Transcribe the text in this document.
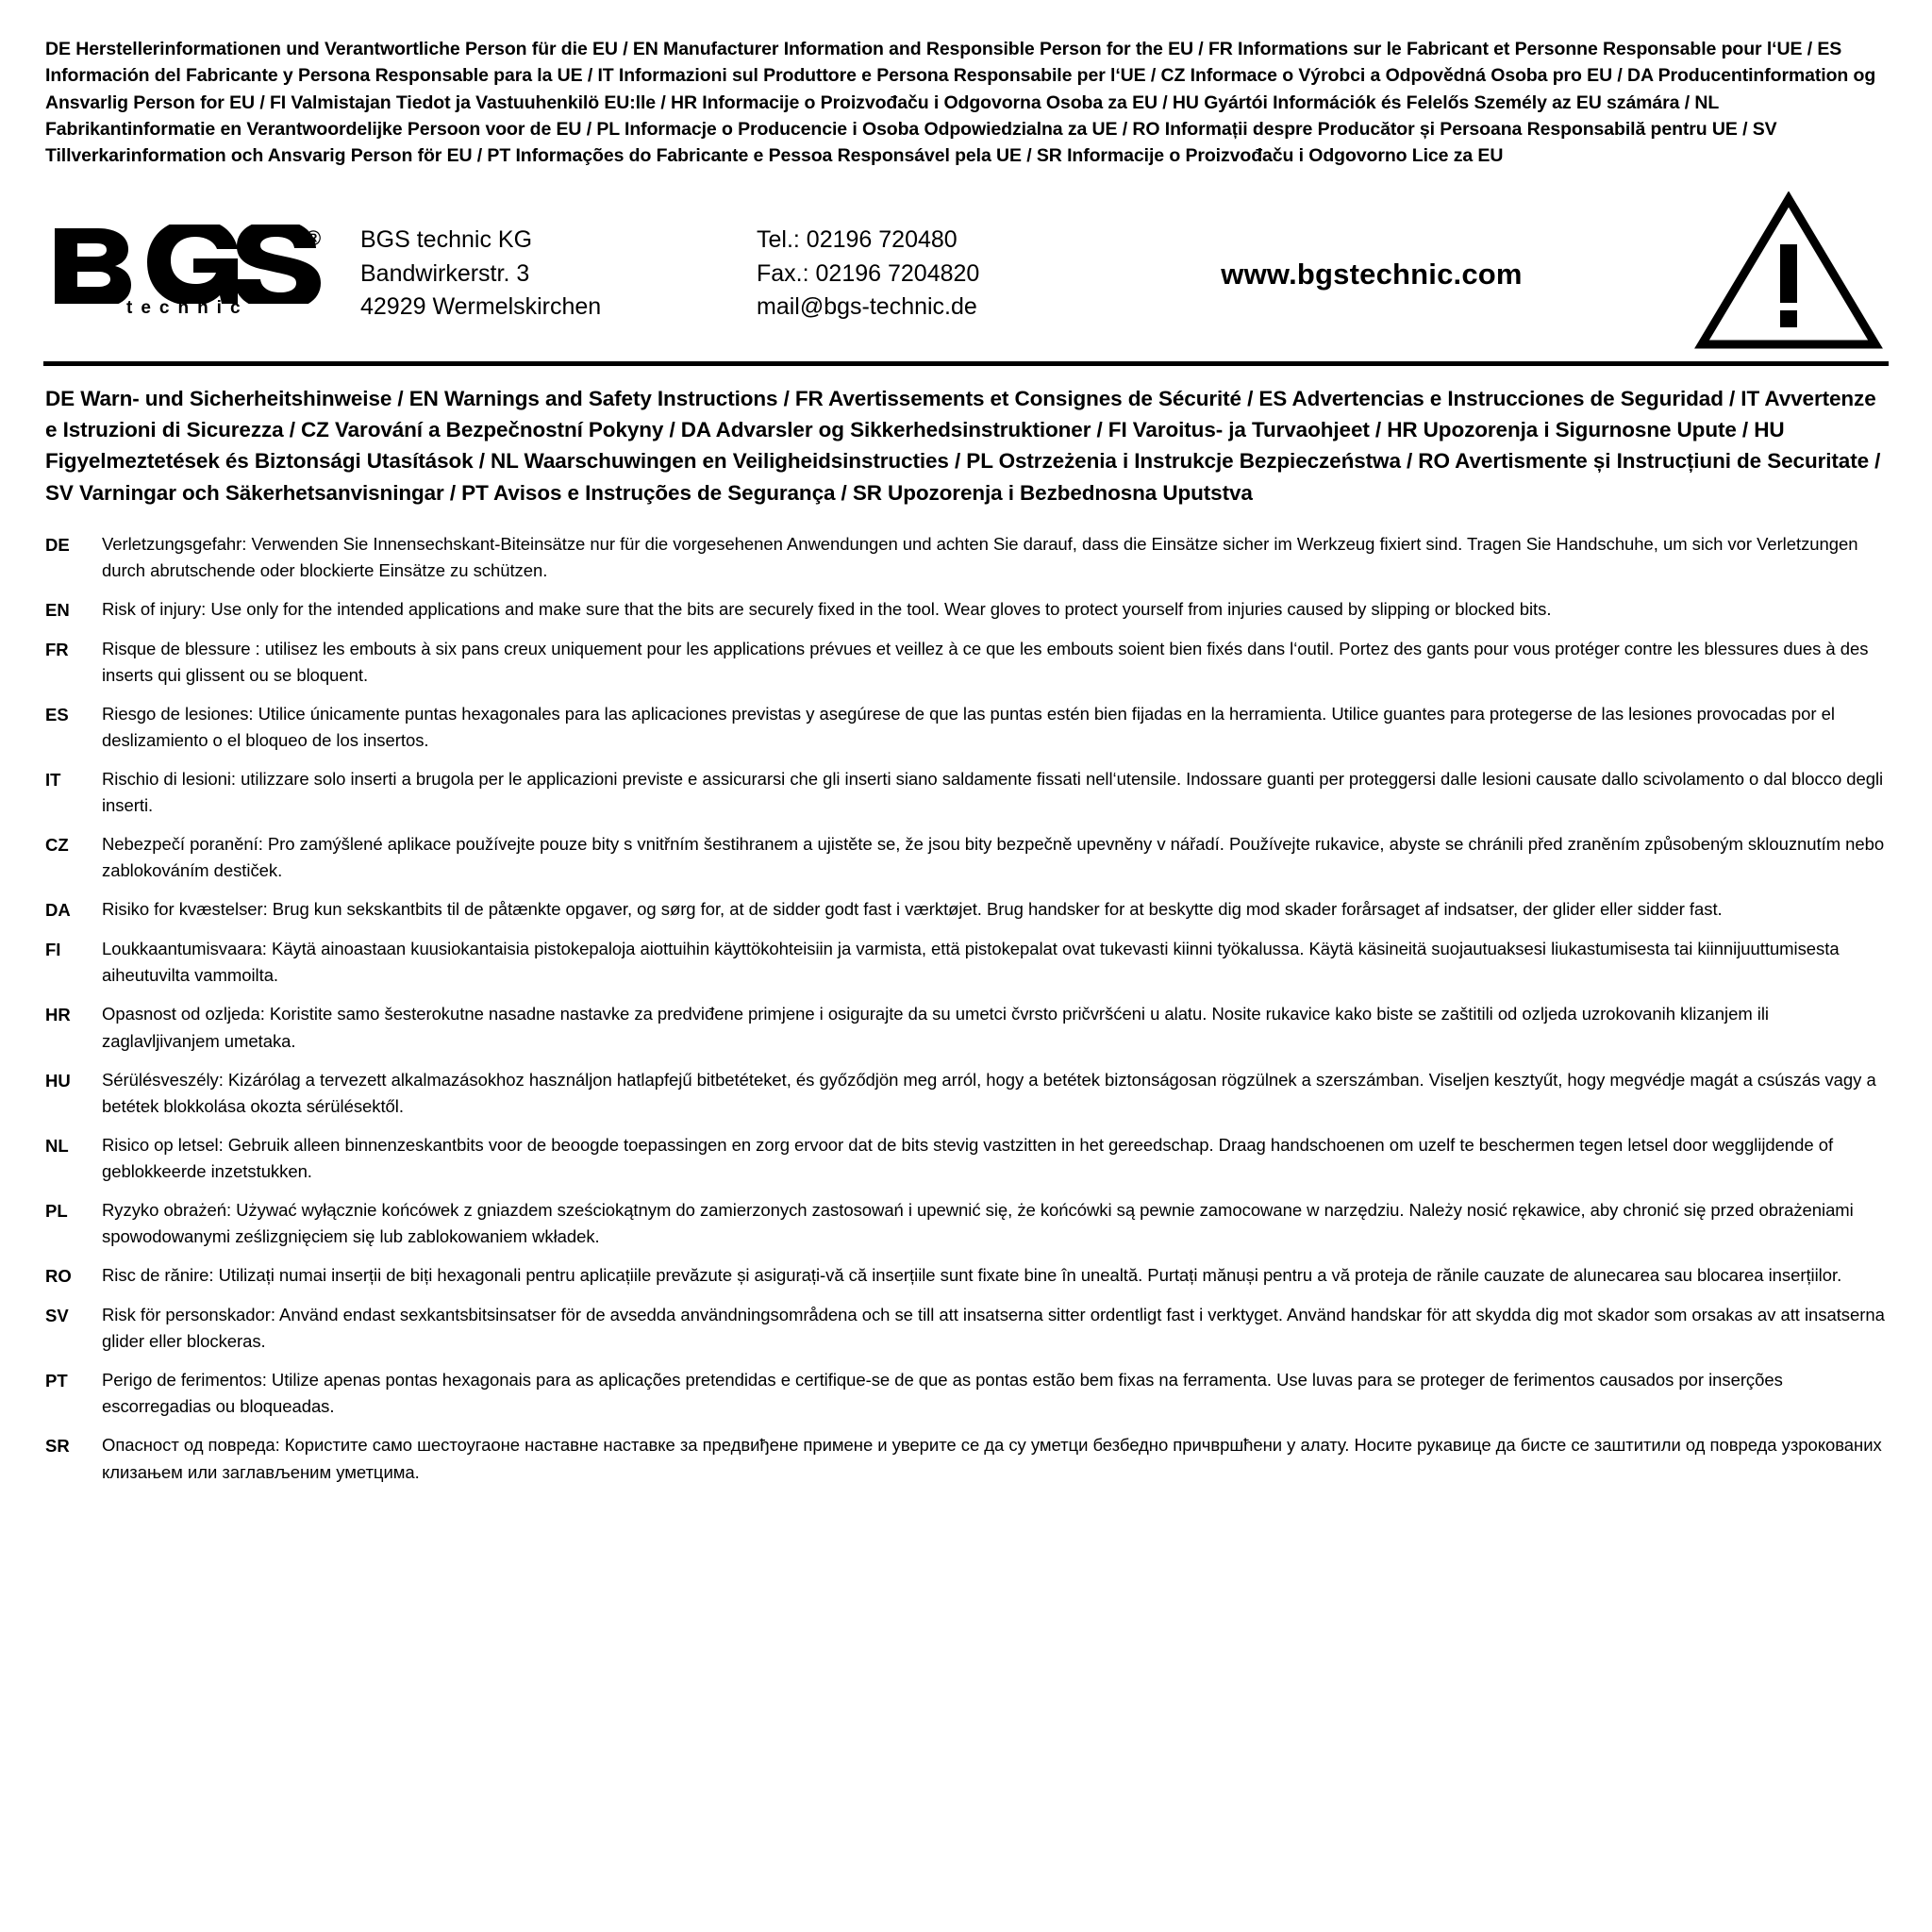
DE Herstellerinformationen und Verantwortliche Person für die EU / EN Manufacturer Information and Responsible Person for the EU / FR Informations sur le Fabricant et Personne Responsable pour l‘UE / ES Información del Fabricante y Persona Responsable para la UE / IT Informazioni sul Produttore e Persona Responsabile per l‘UE / CZ Informace o Výrobci a Odpovědná Osoba pro EU / DA Producentinformation og Ansvarlig Person for EU / FI Valmistajan Tiedot ja Vastuuhenkilö EU:lle / HR Informacije o Proizvođaču i Odgovorna Osoba za EU / HU Gyártói Információk és Felelős Személy az EU számára / NL Fabrikantinformatie en Verantwoordelijke Persoon voor de EU / PL Informacje o Producencie i Osoba Odpowiedzialna za UE / RO Informații despre Producător și Persoana Responsabilă pentru UE / SV Tillverkarinformation och Ansvarig Person för EU / PT Informações do Fabricante e Pessoa Responsável pela UE / SR Informacije o Proizvođaču i Odgovorno Lice za EU
®
technic
BGS technic KG
Bandwirkerstr. 3
42929 Wermelskirchen
Tel.: 02196 720480
Fax.: 02196 7204820
mail@bgs-technic.de
www.bgstechnic.com
DE Warn- und Sicherheitshinweise / EN Warnings and Safety Instructions / FR Avertissements et Consignes de Sécurité / ES Advertencias e Instrucciones de Seguridad / IT Avvertenze e Istruzioni di Sicurezza / CZ Varování a Bezpečnostní Pokyny / DA Advarsler og Sikkerhedsinstruktioner / FI Varoitus- ja Turvaohjeet / HR Upozorenja i Sigurnosne Upute / HU Figyelmeztetések és Biztonsági Utasítások / NL Waarschuwingen en Veiligheidsinstructies / PL Ostrzeżenia i Instrukcje Bezpieczeństwa / RO Avertismente și Instrucțiuni de Securitate / SV Varningar och Säkerhetsanvisningar / PT Avisos e Instruções de Segurança / SR Upozorenja i Bezbednosna Uputstva
DE	Verletzungsgefahr: Verwenden Sie Innensechskant-Biteinsätze nur für die vorgesehenen Anwendungen und achten Sie darauf, dass die Einsätze sicher im Werkzeug fixiert sind. Tragen Sie Handschuhe, um sich vor Verletzungen durch abrutschende oder blockierte Einsätze zu schützen.
EN	Risk of injury: Use only for the intended applications and make sure that the bits are securely fixed in the tool. Wear gloves to protect yourself from injuries caused by slipping or blocked bits.
FR	Risque de blessure : utilisez les embouts à six pans creux uniquement pour les applications prévues et veillez à ce que les embouts soient bien fixés dans l‘outil. Portez des gants pour vous protéger contre les blessures dues à des inserts qui glissent ou se bloquent.
ES	Riesgo de lesiones: Utilice únicamente puntas hexagonales para las aplicaciones previstas y asegúrese de que las puntas estén bien fijadas en la herramienta. Utilice guantes para protegerse de las lesiones provocadas por el deslizamiento o el bloqueo de los insertos.
IT	Rischio di lesioni: utilizzare solo inserti a brugola per le applicazioni previste e assicurarsi che gli inserti siano saldamente fissati nell‘utensile. Indossare guanti per proteggersi dalle lesioni causate dallo scivolamento o dal blocco degli inserti.
CZ	Nebezpečí poranění: Pro zamýšlené aplikace používejte pouze bity s vnitřním šestihranem a ujistěte se, že jsou bity bezpečně upevněny v nářadí. Používejte rukavice, abyste se chránili před zraněním způsobeným sklouznutím nebo zablokováním destiček.
DA	Risiko for kvæstelser: Brug kun sekskantbits til de påtænkte opgaver, og sørg for, at de sidder godt fast i værktøjet. Brug handsker for at beskytte dig mod skader forårsaget af indsatser, der glider eller sidder fast.
FI	Loukkaantumisvaara: Käytä ainoastaan kuusiokantaisia pistokepaloja aiottuihin käyttökohteisiin ja varmista, että pistokepalat ovat tukevasti kiinni työkalussa. Käytä käsineitä suojautuaksesi liukastumisesta tai kiinnijuuttumisesta aiheutuvilta vammoilta.
HR	Opasnost od ozljeda: Koristite samo šesterokutne nasadne nastavke za predviđene primjene i osigurajte da su umetci čvrsto pričvršćeni u alatu. Nosite rukavice kako biste se zaštitili od ozljeda uzrokovanih klizanjem ili zaglavljivanjem umetaka.
HU	Sérülésveszély: Kizárólag a tervezett alkalmazásokhoz használjon hatlapfejű bitbetéteket, és győződjön meg arról, hogy a betétek biztonságosan rögzülnek a szerszámban. Viseljen kesztyűt, hogy megvédje magát a csúszás vagy a betétek blokkolása okozta sérülésektől.
NL	Risico op letsel: Gebruik alleen binnenzeskantbits voor de beoogde toepassingen en zorg ervoor dat de bits stevig vastzitten in het gereedschap. Draag handschoenen om uzelf te beschermen tegen letsel door wegglijdende of geblokkeerde inzetstukken.
PL	Ryzyko obrażeń: Używać wyłącznie końcówek z gniazdem sześciokątnym do zamierzonych zastosowań i upewnić się, że końcówki są pewnie zamocowane w narzędziu. Należy nosić rękawice, aby chronić się przed obrażeniami spowodowanymi ześlizgnięciem się lub zablokowaniem wkładek.
RO	Risc de rănire: Utilizați numai inserții de biți hexagonali pentru aplicațiile prevăzute și asigurați-vă că inserțiile sunt fixate bine în unealtă. Purtați mănuși pentru a vă proteja de rănile cauzate de alunecarea sau blocarea inserțiilor.
SV	Risk för personskador: Använd endast sexkantsbitsinsatser för de avsedda användningsområdena och se till att insatserna sitter ordentligt fast i verktyget. Använd handskar för att skydda dig mot skador som orsakas av att insatserna glider eller blockeras.
PT	Perigo de ferimentos: Utilize apenas pontas hexagonais para as aplicações pretendidas e certifique-se de que as pontas estão bem fixas na ferramenta. Use luvas para se proteger de ferimentos causados por inserções escorregadias ou bloqueadas.
SR	Опасност од повреда: Користите само шестоугаоне наставне наставке за предвиђене примене и уверите се да су уметци безбедно причвршћени у алату. Носите рукавице да бисте се заштитили од повреда узрокованих клизањем или заглављеним уметцима.
